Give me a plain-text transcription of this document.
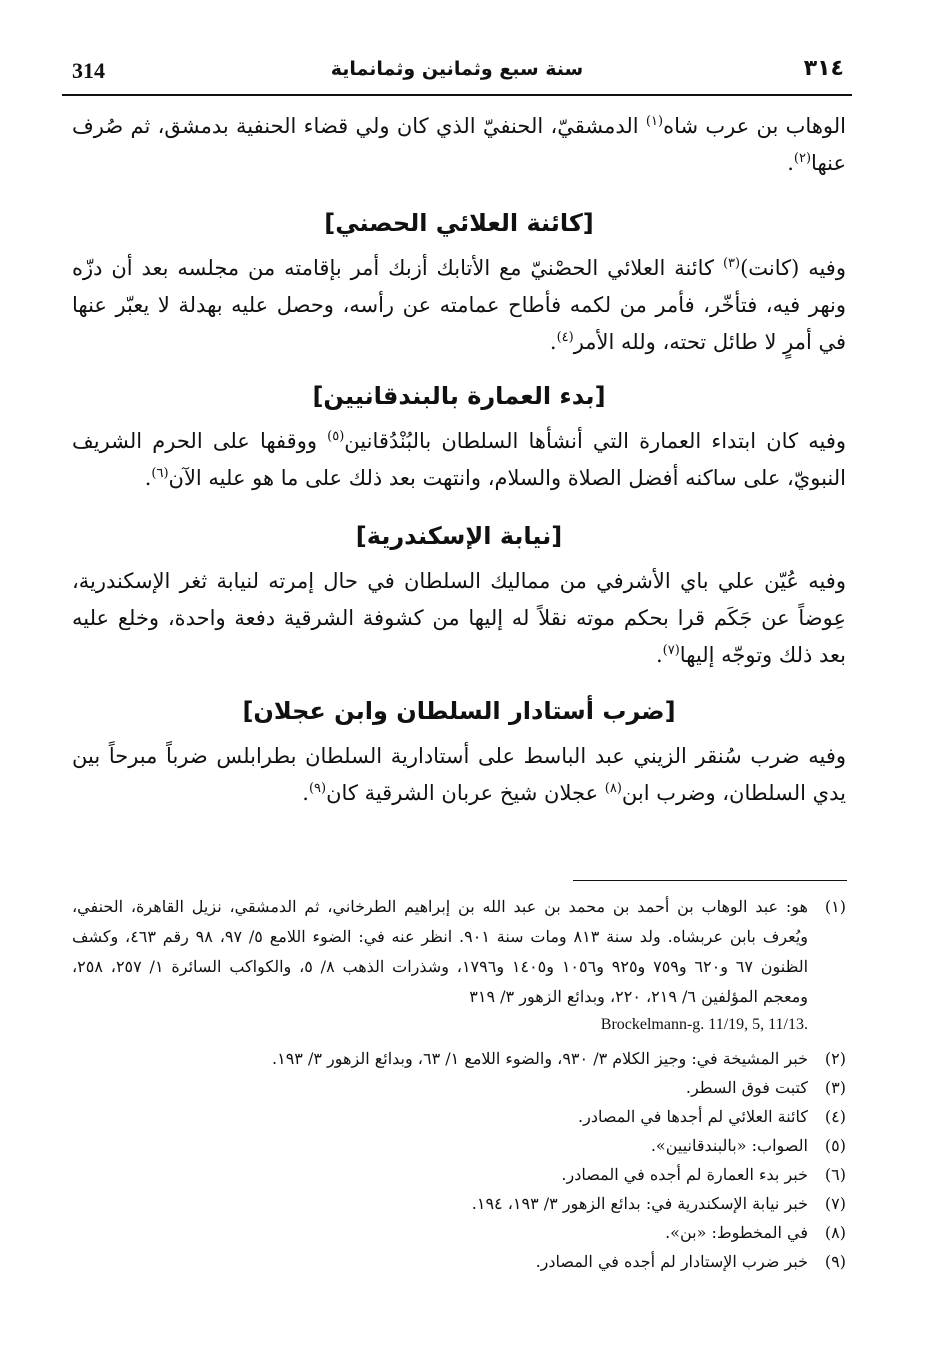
314	سنة سبع وثمانين وثمانماية	٣١٤

الوهاب بن عرب شاه$^{(١)}$ الدمشقيّ، الحنفيّ الذي كان ولي قضاء الحنفية بدمشق، ثم صُرف عنها$^{(٢)}$.

[كائنة العلائي الحصني]

وفيه (كانت)$^{(٣)}$ كائنة العلائي الحصْنيّ مع الأتابك أزبك أمر بإقامته من مجلسه بعد أن دزّه ونهر فيه، فتأخّر، فأمر من لكمه فأطاح عمامته عن رأسه، وحصل عليه بهدلة لا يعبّر عنها في أمرٍ لا طائل تحته، ولله الأمر$^{(٤)}$.

[بدء العمارة بالبندقانيين]

وفيه كان ابتداء العمارة التي أنشأها السلطان بالبُنْدُقانين$^{(٥)}$ ووقفها على الحرم الشريف النبويّ، على ساكنه أفضل الصلاة والسلام، وانتهت بعد ذلك على ما هو عليه الآن$^{(٦)}$.

[نيابة الإسكندرية]

وفيه عُيّن علي باي الأشرفي من مماليك السلطان في حال إمرته لنيابة ثغر الإسكندرية، عِوضاً عن جَكَم قرا بحكم موته نقلاً له إليها من كشوفة الشرقية دفعة واحدة، وخلع عليه بعد ذلك وتوجّه إليها$^{(٧)}$.

[ضرب أستادار السلطان وابن عجلان]

وفيه ضرب سُنقر الزيني عبد الباسط على أستادارية السلطان بطرابلس ضرباً مبرحاً بين يدي السلطان، وضرب ابن$^{(٨)}$ عجلان شيخ عربان الشرقية كان$^{(٩)}$.

(١)
هو: عبد الوهاب بن أحمد بن محمد بن عبد الله بن إبراهيم الطرخاني، ثم الدمشقي، نزيل القاهرة، الحنفي، ويُعرف بابن عربشاه. ولد سنة ٨١٣ ومات سنة ٩٠١. انظر عنه في: الضوء اللامع ٥/ ٩٧، ٩٨ رقم ٤٦٣، وكشف الظنون ٦٧ و٦٢٠ و٧٥٩ و٩٢٥ و١٠٥٦ و١٤٠٥ و١٧٩٦، وشذرات الذهب ٨/ ٥، والكواكب السائرة ١/ ٢٥٧، ٢٥٨، ومعجم المؤلفين ٦/ ٢١٩، ٢٢٠، وبدائع الزهور ٣/ ٣١٩
Brockelmann-g. 11/19, 5, 11/13.
(٢)
خبر المشيخة في: وجيز الكلام ٣/ ٩٣٠، والضوء اللامع ١/ ٦٣، وبدائع الزهور ٣/ ١٩٣.
(٣)
كتبت فوق السطر.
(٤)
كائنة العلائي لم أجدها في المصادر.
(٥)
الصواب: «بالبندقانيين».
(٦)
خبر بدء العمارة لم أجده في المصادر.
(٧)
خبر نيابة الإسكندرية في: بدائع الزهور ٣/ ١٩٣، ١٩٤.
(٨)
في المخطوط: «بن».
(٩)
خبر ضرب الإستادار لم أجده في المصادر.
